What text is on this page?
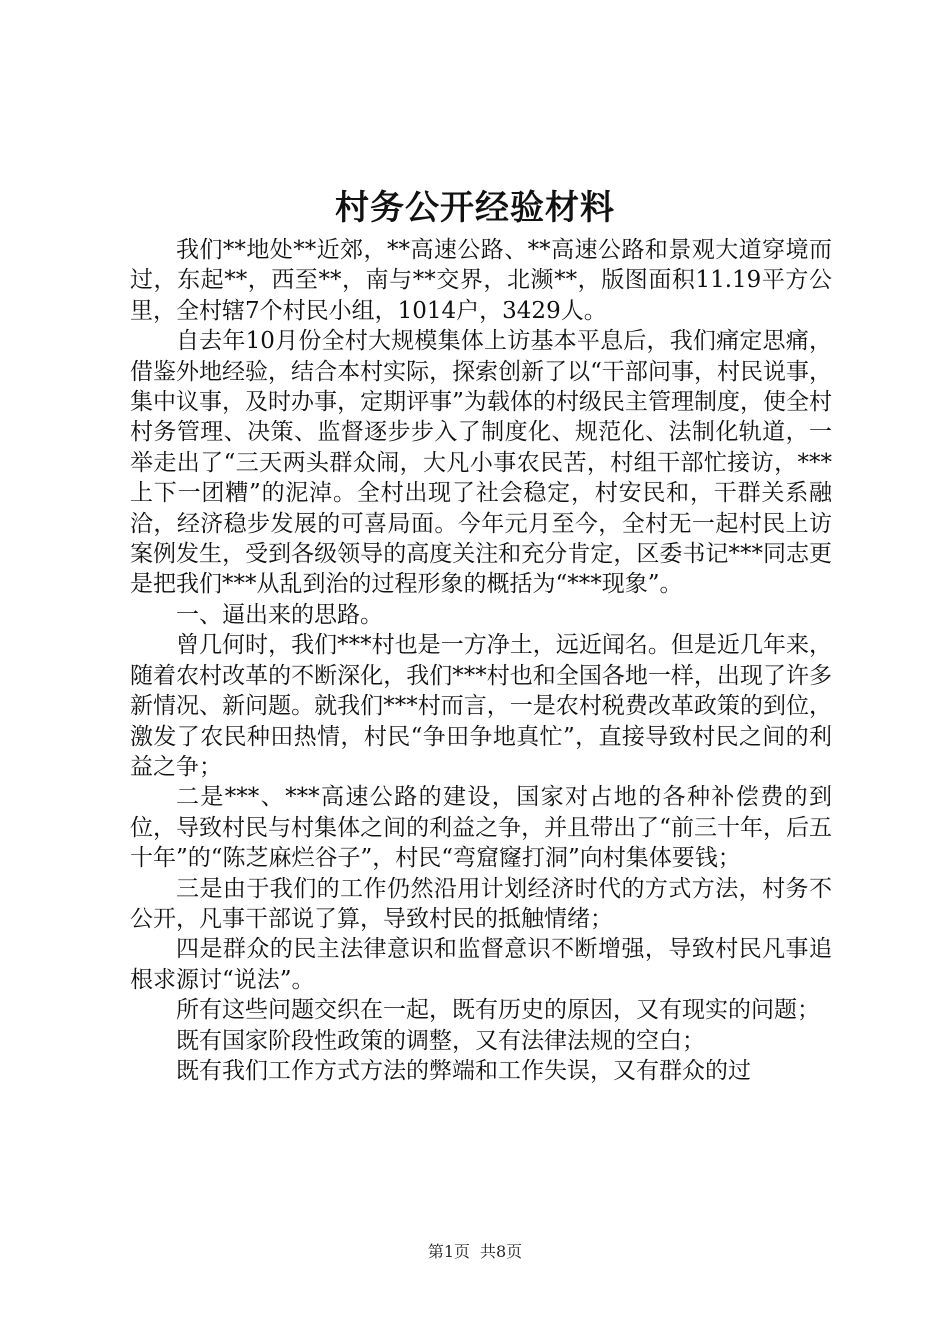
村务公开经验材料

我们**地处**近郊，**高速公路、**高速公路和景观大道穿境而过，东起**，西至**，南与**交界，北濒**，版图面积11.19平方公里，全村辖7个村民小组，1014户，3429人。

自去年10月份全村大规模集体上访基本平息后，我们痛定思痛，借鉴外地经验，结合本村实际，探索创新了以“干部问事，村民说事，集中议事，及时办事，定期评事”为载体的村级民主管理制度，使全村村务管理、决策、监督逐步步入了制度化、规范化、法制化轨道，一举走出了“三天两头群众闹，大凡小事农民苦，村组干部忙接访，***上下一团糟”的泥淖。全村出现了社会稳定，村安民和，干群关系融洽，经济稳步发展的可喜局面。今年元月至今，全村无一起村民上访案例发生，受到各级领导的高度关注和充分肯定，区委书记***同志更是把我们***从乱到治的过程形象的概括为“***现象”。

一、逼出来的思路。

曾几何时，我们***村也是一方净土，远近闻名。但是近几年来，随着农村改革的不断深化，我们***村也和全国各地一样，出现了许多新情况、新问题。就我们***村而言，一是农村税费改革政策的到位，激发了农民种田热情，村民“争田争地真忙”，直接导致村民之间的利益之争；

二是***、***高速公路的建设，国家对占地的各种补偿费的到位，导致村民与村集体之间的利益之争，并且带出了“前三十年，后五十年”的“陈芝麻烂谷子”，村民“弯窟窿打洞”向村集体要钱；

三是由于我们的工作仍然沿用计划经济时代的方式方法，村务不公开，凡事干部说了算，导致村民的抵触情绪；

四是群众的民主法律意识和监督意识不断增强，导致村民凡事追根求源讨“说法”。

所有这些问题交织在一起，既有历史的原因，又有现实的问题；

既有国家阶段性政策的调整，又有法律法规的空白；

既有我们工作方式方法的弊端和工作失误，又有群众的过

第1页 共8页
